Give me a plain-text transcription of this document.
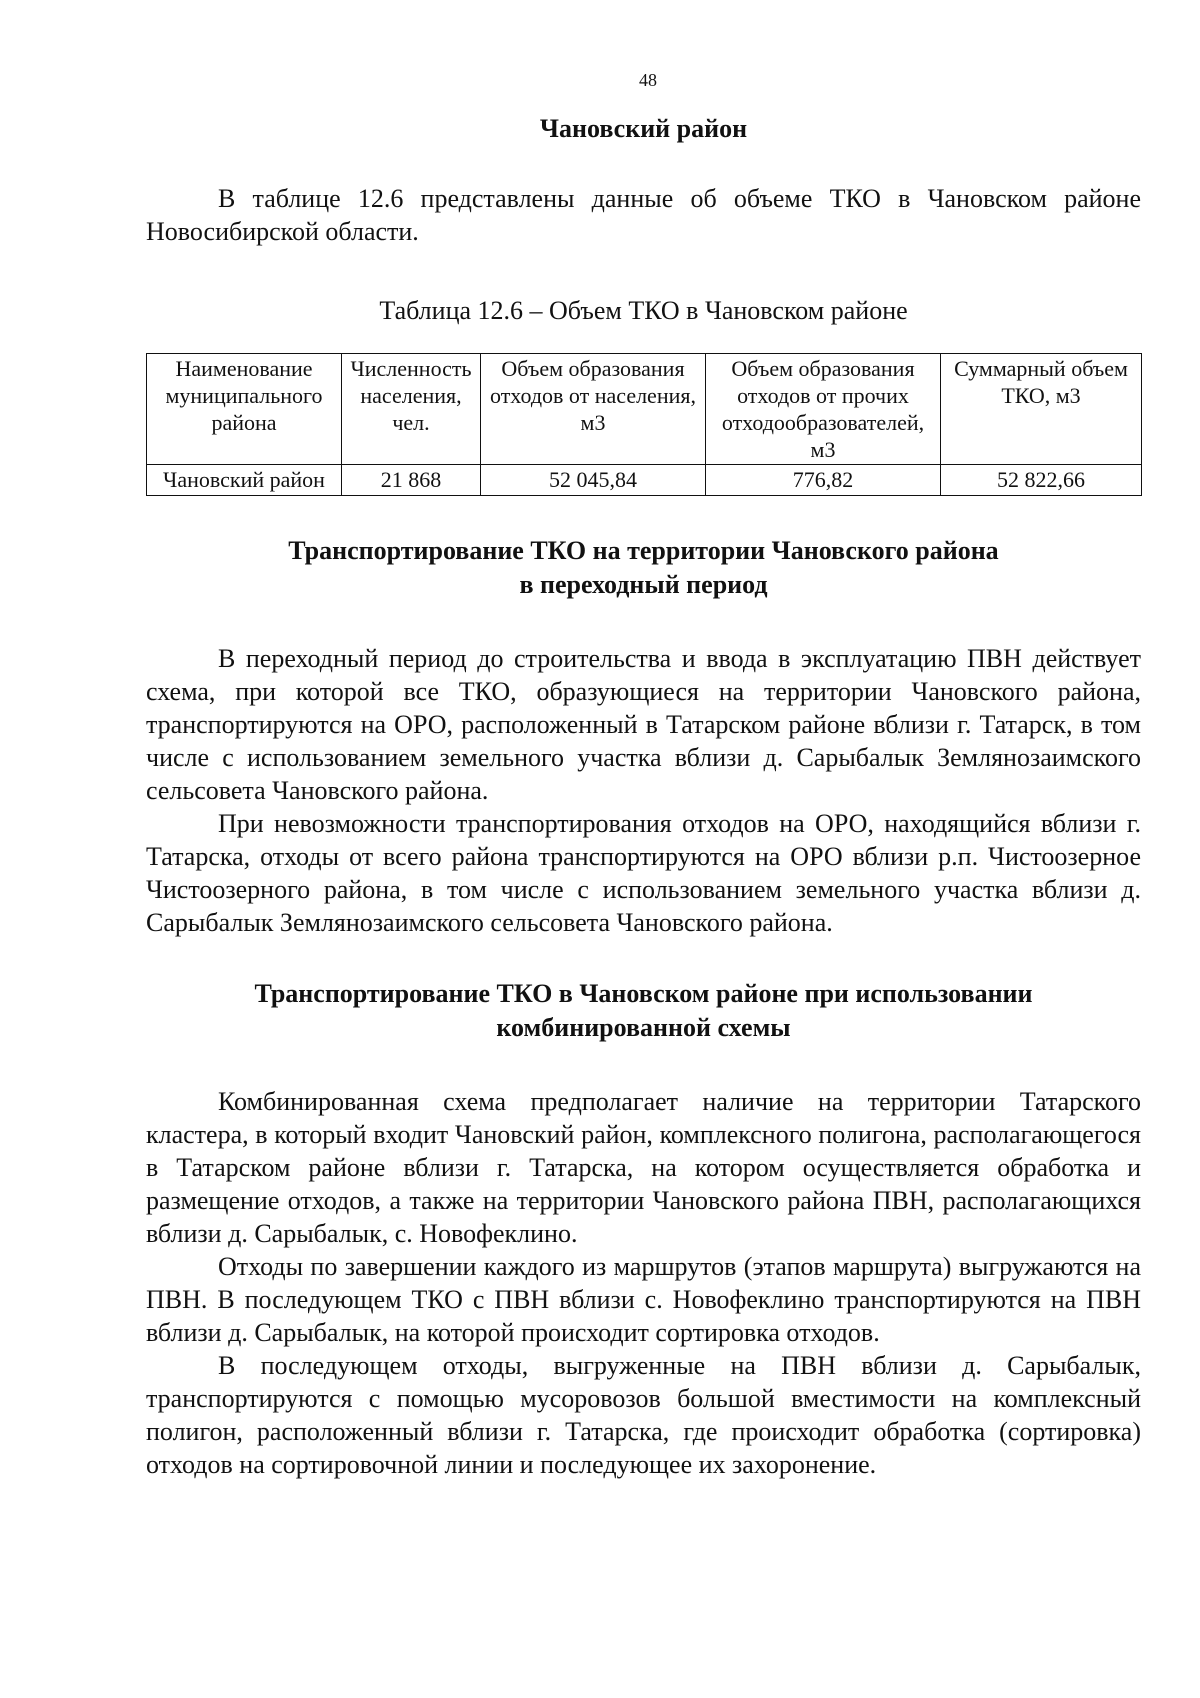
48
Чановский район

В таблице 12.6 представлены данные об объеме ТКО в Чановском районе Новосибирской области.

Таблица 12.6 – Объем ТКО в Чановском районе
Наименование муниципального района	Численность населения, чел.	Объем образования отходов от населения, м3	Объем образования отходов от прочих отходообразователей, м3	Суммарный объем ТКО, м3
Чановский район	21 868	52 045,84	776,82	52 822,66
Транспортирование ТКО на территории Чановского района
в переходный период

В переходный период до строительства и ввода в эксплуатацию ПВН действует схема, при которой все ТКО, образующиеся на территории Чановского района, транспортируются на ОРО, расположенный в Татарском районе вблизи г. Татарск, в том числе с использованием земельного участка вблизи д. Сарыбалык Землянозаимского сельсовета Чановского района.

При невозможности транспортирования отходов на ОРО, находящийся вблизи г. Татарска, отходы от всего района транспортируются на ОРО вблизи р.п. Чистоозерное Чистоозерного района, в том числе с использованием земельного участка вблизи д. Сарыбалык Землянозаимского сельсовета Чановского района.

Транспортирование ТКО в Чановском районе при использовании
комбинированной схемы

Комбинированная схема предполагает наличие на территории Татарского кластера, в который входит Чановский район, комплексного полигона, располагающегося в Татарском районе вблизи г. Татарска, на котором осуществляется обработка и размещение отходов, а также на территории Чановского района ПВН, располагающихся вблизи д. Сарыбалык, с. Новофеклино.

Отходы по завершении каждого из маршрутов (этапов маршрута) выгружаются на ПВН. В последующем ТКО с ПВН вблизи с. Новофеклино транспортируются на ПВН вблизи д. Сарыбалык, на которой происходит сортировка отходов.

В последующем отходы, выгруженные на ПВН вблизи д. Сарыбалык, транспортируются с помощью мусоровозов большой вместимости на комплексный полигон, расположенный вблизи г. Татарска, где происходит обработка (сортировка) отходов на сортировочной линии и последующее их захоронение.
